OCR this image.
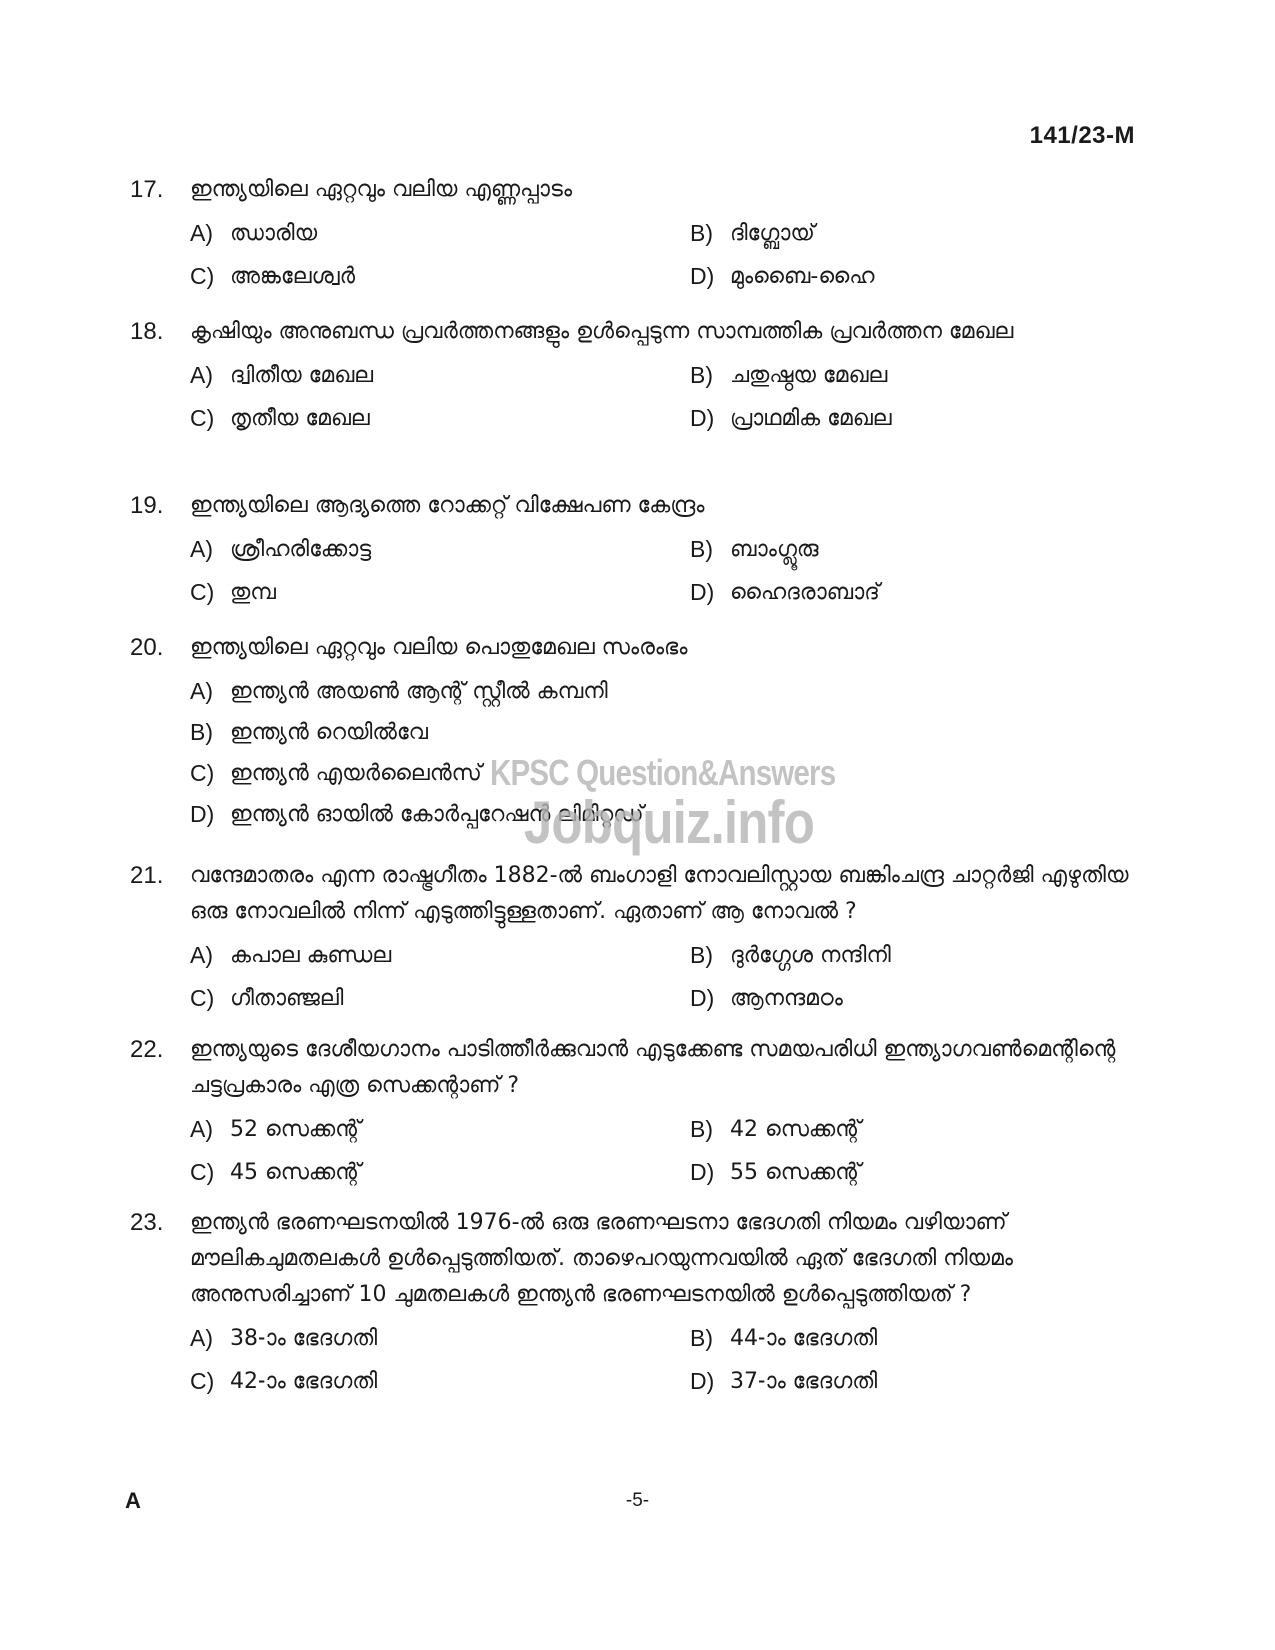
141/23-M
17.	ഇന്ത്യയിലെ ഏറ്റവും വലിയ എണ്ണപ്പാടം
A) ഝാരിയ	B) ദിഗ്ബോയ്
C) അങ്കലേശ്വർ	D) മുംബൈ-ഹൈ
18.	കൃഷിയും അനുബന്ധ പ്രവർത്തനങ്ങളും ഉൾപ്പെടുന്ന സാമ്പത്തിക പ്രവർത്തന മേഖല
A) ദ്വിതീയ മേഖല	B) ചതുഷ്ഠയ മേഖല
C) തൃതീയ മേഖല	D) പ്രാഥമിക മേഖല
19.	ഇന്ത്യയിലെ ആദ്യത്തെ റോക്കറ്റ് വിക്ഷേപണ കേന്ദ്രം
A) ശ്രീഹരിക്കോട്ട	B) ബാംഗ്ലൂരു
C) തുമ്പ	D) ഹൈദരാബാദ്
20.	ഇന്ത്യയിലെ ഏറ്റവും വലിയ പൊതുമേഖല സംരംഭം
A) ഇന്ത്യൻ അയൺ ആന്റ് സ്റ്റീൽ കമ്പനി
B) ഇന്ത്യൻ റെയിൽവേ
C) ഇന്ത്യൻ എയർലൈൻസ്
D) ഇന്ത്യൻ ഓയിൽ കോർപ്പറേഷൻ ലിമിറ്റഡ്
21.	വന്ദേമാതരം എന്ന രാഷ്ട്രഗീതം 1882-ൽ ബംഗാളി നോവലിസ്റ്റായ ബങ്കിംചന്ദ്ര ചാറ്റർജി എഴുതിയ ഒരു നോവലിൽ നിന്ന് എടുത്തിട്ടുള്ളതാണ്. ഏതാണ് ആ നോവൽ ?
A) കപാല കുണ്ഡല	B) ദുർഗ്ഗേശ നന്ദിനി
C) ഗീതാഞ്ജലി	D) ആനന്ദമഠം
22.	ഇന്ത്യയുടെ ദേശീയഗാനം പാടിത്തീർക്കുവാൻ എടുക്കേണ്ട സമയപരിധി ഇന്ത്യാഗവൺമെന്റിന്റെ ചട്ടപ്രകാരം എത്ര സെക്കന്റാണ് ?
A) 52 സെക്കന്റ്	B) 42 സെക്കന്റ്
C) 45 സെക്കന്റ്	D) 55 സെക്കന്റ്
23.	ഇന്ത്യൻ ഭരണഘടനയിൽ 1976-ൽ ഒരു ഭരണഘടനാ ഭേദഗതി നിയമം വഴിയാണ് മൗലികചുമതലകൾ ഉൾപ്പെടുത്തിയത്. താഴെപറയുന്നവയിൽ ഏത് ഭേദഗതി നിയമം അനുസരിച്ചാണ് 10 ചുമതലകൾ ഇന്ത്യൻ ഭരണഘടനയിൽ ഉൾപ്പെടുത്തിയത് ?
A) 38-ാം ഭേദഗതി	B) 44-ാം ഭേദഗതി
C) 42-ാം ഭേദഗതി	D) 37-ാം ഭേദഗതി
KPSC Question&Answers
Jobquiz.info
A	-5-
